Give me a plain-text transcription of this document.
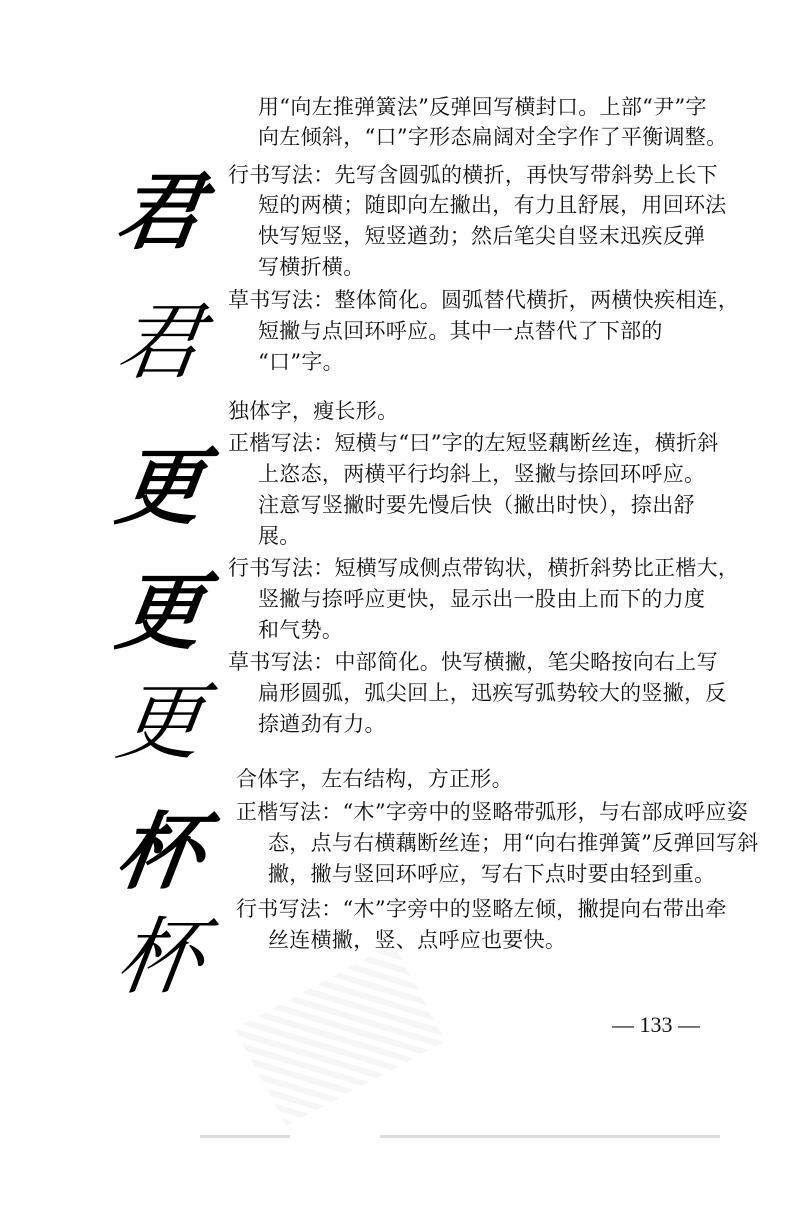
君
君
更
更
更
杯
杯
用“向左推弹簧法”反弹回写横封口。上部“尹”字
向左倾斜，“口”字形态扁阔对全字作了平衡调整。
行书写法：先写含圆弧的横折，再快写带斜势上长下
短的两横；随即向左撇出，有力且舒展，用回环法
快写短竖，短竖遒劲；然后笔尖自竖末迅疾反弹
写横折横。
草书写法：整体简化。圆弧替代横折，两横快疾相连，
短撇与点回环呼应。其中一点替代了下部的
“口”字。
独体字，瘦长形。
正楷写法：短横与“曰”字的左短竖藕断丝连，横折斜
上恣态，两横平行均斜上，竖撇与捺回环呼应。
注意写竖撇时要先慢后快（撇出时快），捺出舒
展。
行书写法：短横写成侧点带钩状，横折斜势比正楷大，
竖撇与捺呼应更快，显示出一股由上而下的力度
和气势。
草书写法：中部简化。快写横撇，笔尖略按向右上写
扁形圆弧，弧尖回上，迅疾写弧势较大的竖撇，反
捺遒劲有力。
合体字，左右结构，方正形。
正楷写法：“木”字旁中的竖略带弧形，与右部成呼应姿
态，点与右横藕断丝连；用“向右推弹簧”反弹回写斜
撇，撇与竖回环呼应，写右下点时要由轻到重。
行书写法：“木”字旁中的竖略左倾，撇提向右带出牵
丝连横撇，竖、点呼应也要快。
— 133 —
